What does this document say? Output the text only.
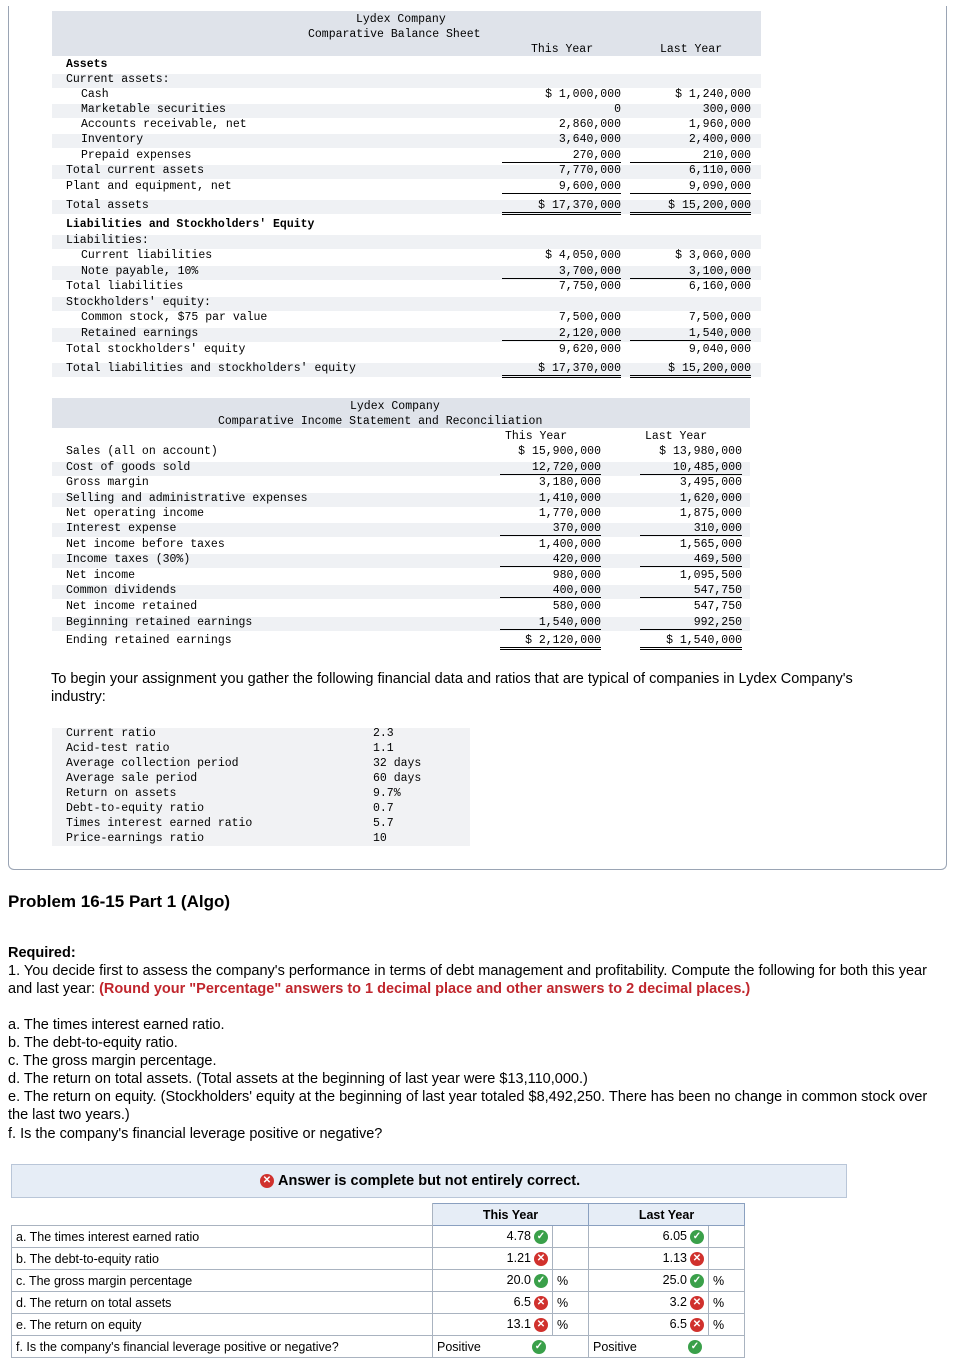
Lydex Company
Comparative Balance Sheet
This Year	Last Year
Assets
Current assets:
Cash	$ 1,000,000	$ 1,240,000
Marketable securities	0	300,000
Accounts receivable, net	2,860,000	1,960,000
Inventory	3,640,000	2,400,000
Prepaid expenses	270,000	210,000
Total current assets	7,770,000	6,110,000
Plant and equipment, net	9,600,000	9,090,000
Total assets	$ 17,370,000	$ 15,200,000
Liabilities and Stockholders' Equity
Liabilities:
Current liabilities	$ 4,050,000	$ 3,060,000
Note payable, 10%	3,700,000	3,100,000
Total liabilities	7,750,000	6,160,000
Stockholders' equity:
Common stock, $75 par value	7,500,000	7,500,000
Retained earnings	2,120,000	1,540,000
Total stockholders' equity	9,620,000	9,040,000
Total liabilities and stockholders' equity	$ 17,370,000	$ 15,200,000
Lydex Company
Comparative Income Statement and Reconciliation
This Year	Last Year
Sales (all on account)	$ 15,900,000	$ 13,980,000
Cost of goods sold	12,720,000	10,485,000
Gross margin	3,180,000	3,495,000
Selling and administrative expenses	1,410,000	1,620,000
Net operating income	1,770,000	1,875,000
Interest expense	370,000	310,000
Net income before taxes	1,400,000	1,565,000
Income taxes (30%)	420,000	469,500
Net income	980,000	1,095,500
Common dividends	400,000	547,750
Net income retained	580,000	547,750
Beginning retained earnings	1,540,000	992,250
Ending retained earnings	$ 2,120,000	$ 1,540,000
To begin your assignment you gather the following financial data and ratios that are typical of companies in Lydex Company's industry:
Current ratio	2.3
Acid-test ratio	1.1
Average collection period	32 days
Average sale period	60 days
Return on assets	9.7%
Debt-to-equity ratio	0.7
Times interest earned ratio	5.7
Price-earnings ratio	10
Problem 16-15 Part 1 (Algo)
Required:
1. You decide first to assess the company's performance in terms of debt management and profitability. Compute the following for both this year and last year: (Round your "Percentage" answers to 1 decimal place and other answers to 2 decimal places.)
a. The times interest earned ratio.
b. The debt-to-equity ratio.
c. The gross margin percentage.
d. The return on total assets. (Total assets at the beginning of last year were $13,110,000.)
e. The return on equity. (Stockholders' equity at the beginning of last year totaled $8,492,250. There has been no change in common stock over the last two years.)
f. Is the company's financial leverage positive or negative?
✕ Answer is complete but not entirely correct.
	This Year		Last Year	
a. The times interest earned ratio	4.78 ✓		6.05 ✓	
b. The debt-to-equity ratio	1.21 ✕		1.13 ✕	
c. The gross margin percentage	20.0 ✓	%	25.0 ✓	%
d. The return on total assets	6.5 ✕	%	3.2 ✕	%
e. The return on equity	13.1 ✕	%	6.5 ✕	%
f. Is the company's financial leverage positive or negative?	Positive ✓		Positive ✓	
